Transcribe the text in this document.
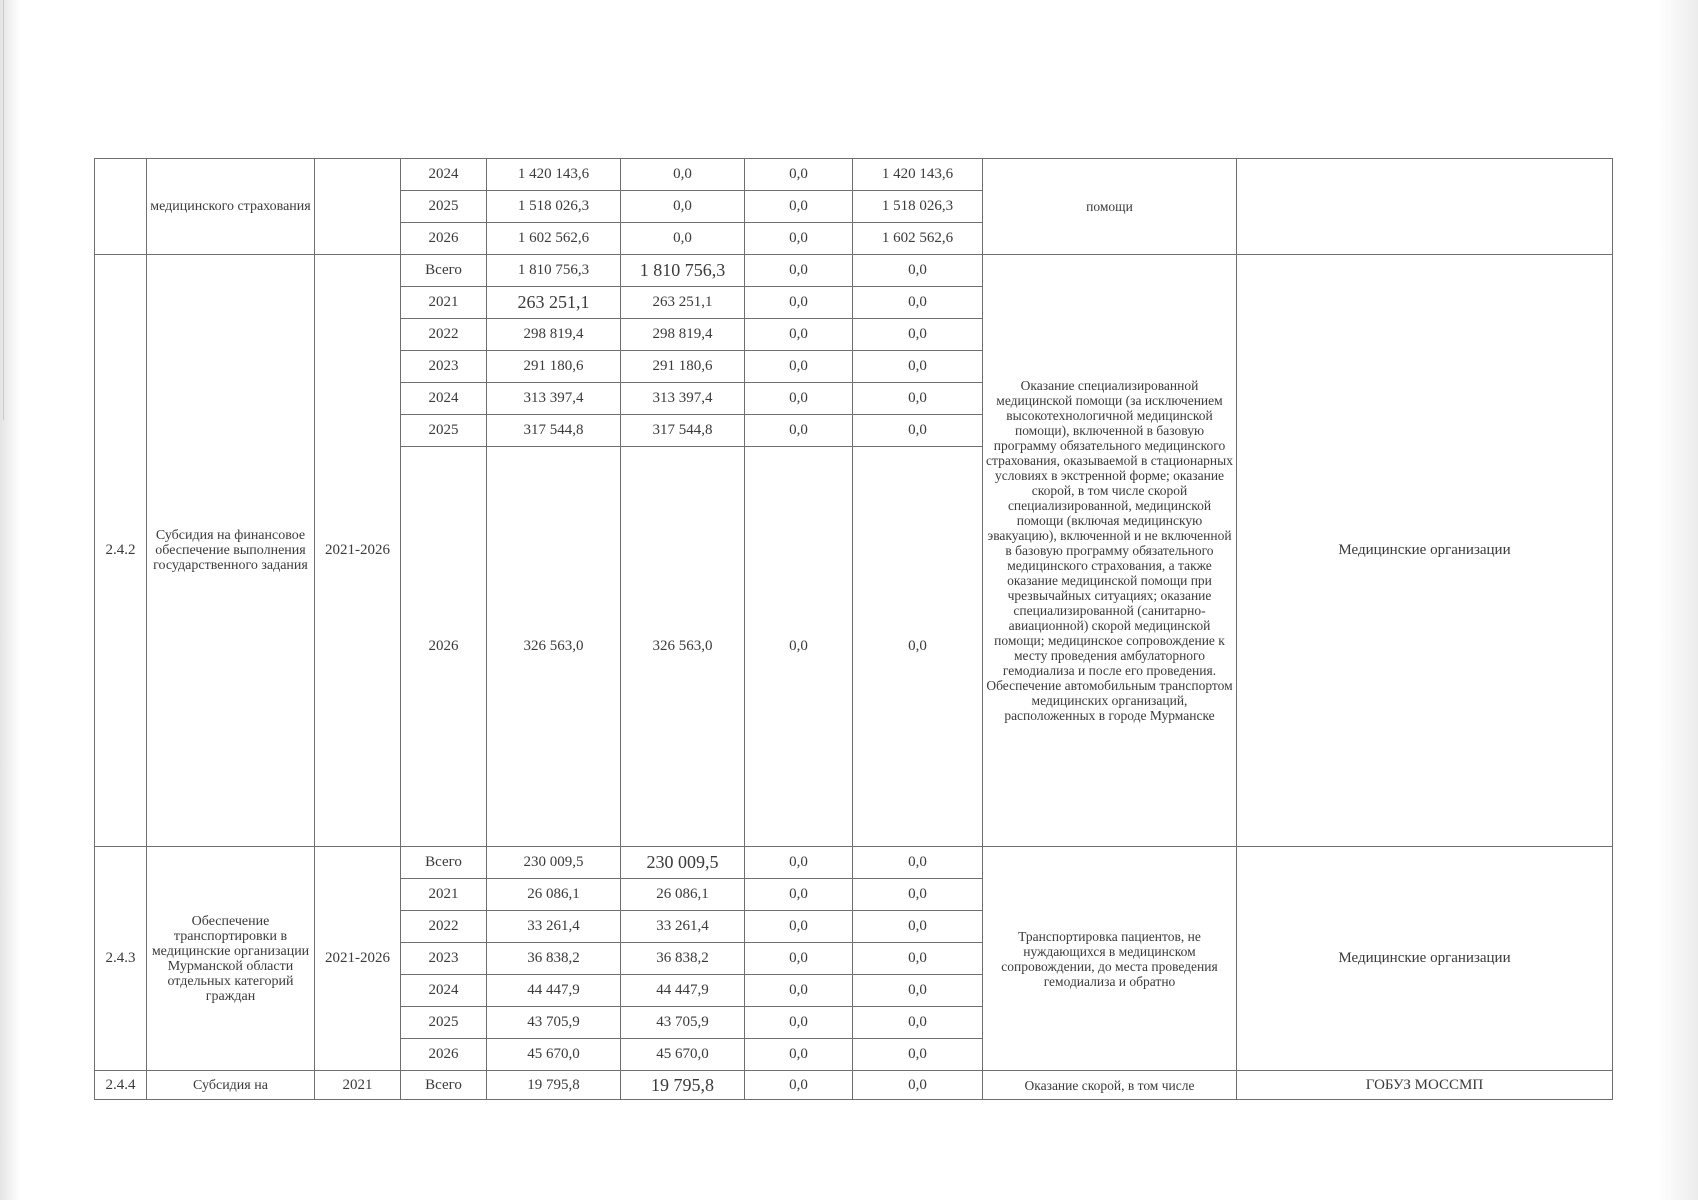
	медицинского страхования		2024	1 420 143,6	0,0	0,0	1 420 143,6	помощи	
			2025	1 518 026,3	0,0	0,0	1 518 026,3		
			2026	1 602 562,6	0,0	0,0	1 602 562,6		
2.4.2	Субсидия на финансовое обеспечение выполнения государственного задания	2021-2026	Всего	1 810 756,3	1 810 756,3	0,0	0,0	Оказание специализированной медицинской помощи (за исключением высокотехнологичной медицинской помощи), включенной в базовую программу обязательного медицинского страхования, оказываемой в стационарных условиях в экстренной форме; оказание скорой, в том числе скорой специализированной, медицинской помощи (включая медицинскую эвакуацию), включенной и не включенной в базовую программу обязательного медицинского страхования, а также оказание медицинской помощи при чрезвычайных ситуациях; оказание специализированной (санитарно-авиационной) скорой медицинской помощи; медицинское сопровождение к месту проведения амбулаторного гемодиализа и после его проведения. Обеспечение автомобильным транспортом медицинских организаций, расположенных в городе Мурманске	Медицинские организации
			2021	263 251,1	263 251,1	0,0	0,0		
			2022	298 819,4	298 819,4	0,0	0,0		
			2023	291 180,6	291 180,6	0,0	0,0		
			2024	313 397,4	313 397,4	0,0	0,0		
			2025	317 544,8	317 544,8	0,0	0,0		
			2026	326 563,0	326 563,0	0,0	0,0		
2.4.3	Обеспечение транспортировки в медицинские организации Мурманской области отдельных категорий граждан	2021-2026	Всего	230 009,5	230 009,5	0,0	0,0	Транспортировка пациентов, не нуждающихся в медицинском сопровождении, до места проведения гемодиализа и обратно	Медицинские организации
			2021	26 086,1	26 086,1	0,0	0,0		
			2022	33 261,4	33 261,4	0,0	0,0		
			2023	36 838,2	36 838,2	0,0	0,0		
			2024	44 447,9	44 447,9	0,0	0,0		
			2025	43 705,9	43 705,9	0,0	0,0		
			2026	45 670,0	45 670,0	0,0	0,0		
2.4.4	Субсидия на	2021	Всего	19 795,8	19 795,8	0,0	0,0	Оказание скорой, в том числе	ГОБУЗ МОССМП
